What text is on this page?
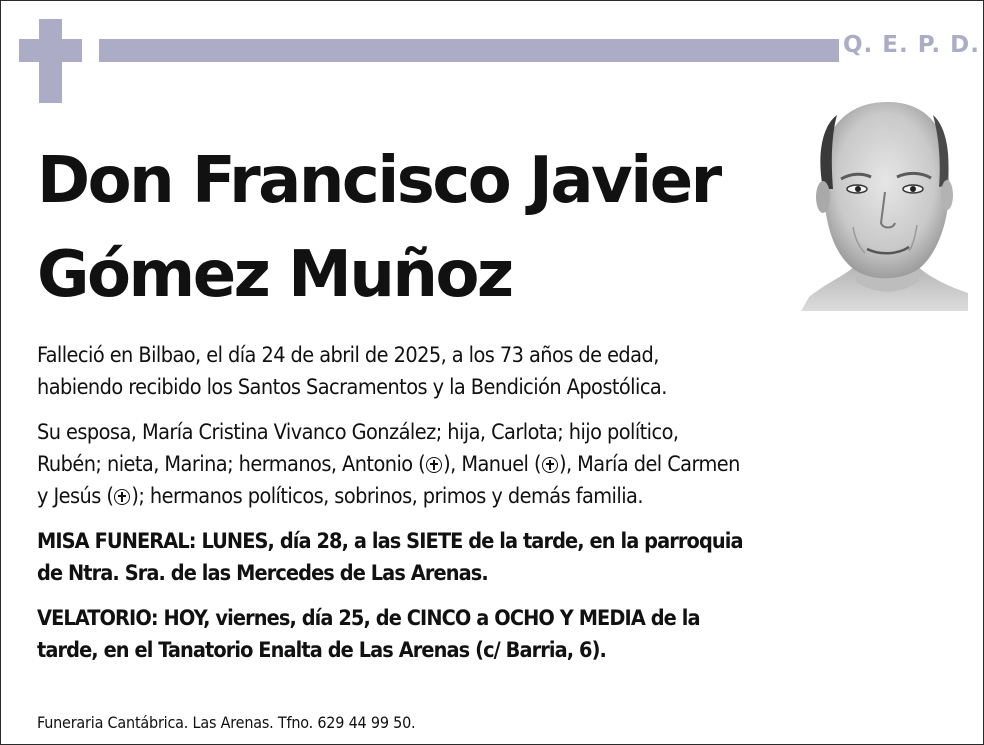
Q. E. P. D.
Don Francisco Javier
Gómez Muñoz

Falleció en Bilbao, el día 24 de abril de 2025, a los 73 años de edad,
habiendo recibido los Santos Sacramentos y la Bendición Apostólica.

Su esposa, María Cristina Vivanco González; hija, Carlota; hijo político,
Rubén; nieta, Marina; hermanos, Antonio ( ), Manuel ( ), María del Carmen
y Jesús ( ); hermanos políticos, sobrinos, primos y demás familia.

MISA FUNERAL: LUNES, día 28, a las SIETE de la tarde, en la parroquia
de Ntra. Sra. de las Mercedes de Las Arenas.

VELATORIO: HOY, viernes, día 25, de CINCO a OCHO Y MEDIA de la
tarde, en el Tanatorio Enalta de Las Arenas (c/ Barria, 6).

Funeraria Cantábrica. Las Arenas. Tfno. 629 44 99 50.
